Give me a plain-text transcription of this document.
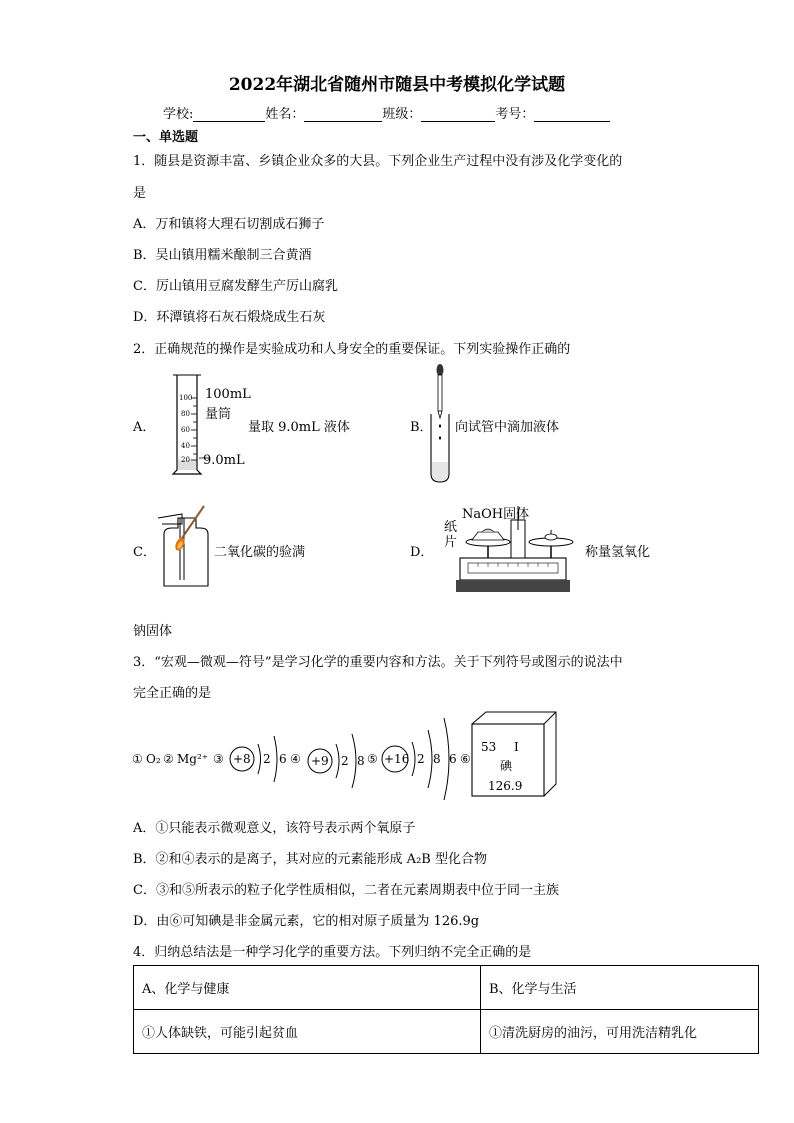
2022年湖北省随州市随县中考模拟化学试题
学校:	姓名：	班级：	考号：
一、单选题
1．随县是资源丰富、乡镇企业众多的大县。下列企业生产过程中没有涉及化学变化的
是
A．万和镇将大理石切割成石狮子
B．吴山镇用糯米酿制三合黄酒
C．厉山镇用豆腐发酵生产厉山腐乳
D．环潭镇将石灰石煅烧成生石灰
2．正确规范的操作是实验成功和人身安全的重要保证。下列实验操作正确的
A．
100
80
60
40
20
100mL
量筒
9.0mL
量取 9.0mL 液体	B． 向试管中滴加液体
C．	二氧化碳的验满	D．
NaOH固体
纸
片
称量氢氧化
钠固体
3．“宏观—微观—符号”是学习化学的重要内容和方法。关于下列符号或图示的说法中
完全正确的是
① O₂ ② Mg²⁺ ③ +8 2 6 ④ +9 2 8 ⑤ +16 2 8 6 ⑥
53 I
碘
126.9
A．①只能表示微观意义，该符号表示两个氧原子
B．②和④表示的是离子，其对应的元素能形成 A₂B 型化合物
C．③和⑤所表示的粒子化学性质相似，二者在元素周期表中位于同一主族
D．由⑥可知碘是非金属元素，它的相对原子质量为 126.9g
4．归纳总结法是一种学习化学的重要方法。下列归纳不完全正确的是
A、化学与健康	B、化学与生活
①人体缺铁，可能引起贫血	①清洗厨房的油污，可用洗洁精乳化
